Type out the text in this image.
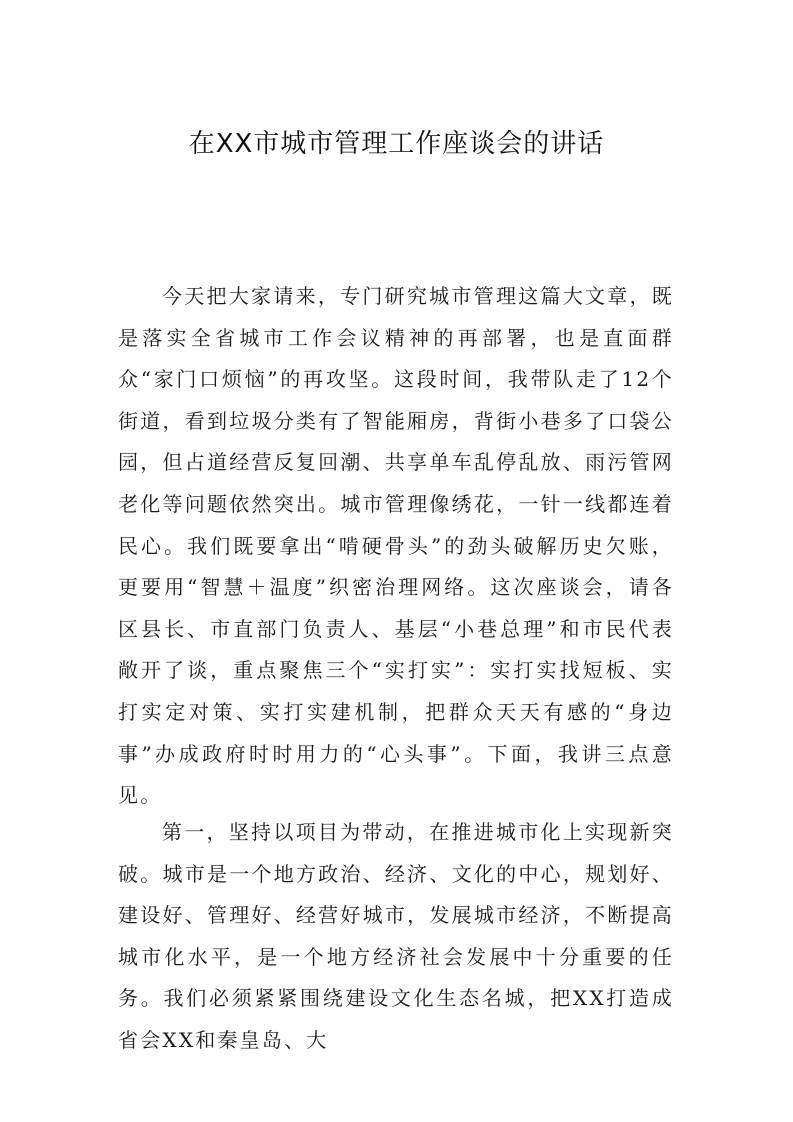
在XX市城市管理工作座谈会的讲话

今天把大家请来，专门研究城市管理这篇大文章，既是落实全省城市工作会议精神的再部署，也是直面群众“家门口烦恼”的再攻坚。这段时间，我带队走了12个街道，看到垃圾分类有了智能厢房，背街小巷多了口袋公园，但占道经营反复回潮、共享单车乱停乱放、雨污管网老化等问题依然突出。城市管理像绣花，一针一线都连着民心。我们既要拿出“啃硬骨头”的劲头破解历史欠账，更要用“智慧＋温度”织密治理网络。这次座谈会，请各区县长、市直部门负责人、基层“小巷总理”和市民代表敞开了谈，重点聚焦三个“实打实”：实打实找短板、实打实定对策、实打实建机制，把群众天天有感的“身边事”办成政府时时用力的“心头事”。下面，我讲三点意见。

第一，坚持以项目为带动，在推进城市化上实现新突破。城市是一个地方政治、经济、文化的中心，规划好、建设好、管理好、经营好城市，发展城市经济，不断提高城市化水平，是一个地方经济社会发展中十分重要的任务。我们必须紧紧围绕建设文化生态名城，把XX打造成省会XX和秦皇岛、大
